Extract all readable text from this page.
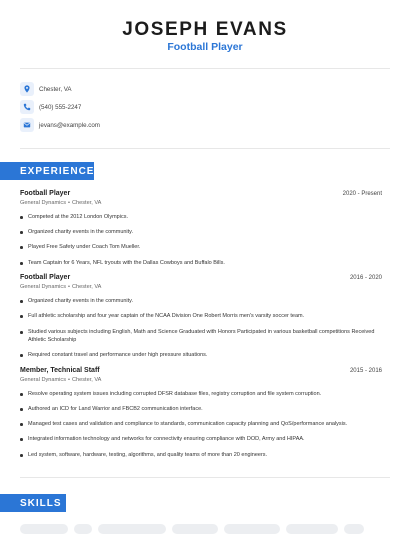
JOSEPH EVANS
Football Player
Chester, VA
(540) 555-2247
jevans@example.com
EXPERIENCE
Football Player	2020 - Present
General Dynamics • Chester, VA
Competed at the 2012 London Olympics.
Organized charity events in the community.
Played Free Safety under Coach Tom Mueller.
Team Captain for 6 Years, NFL tryouts with the Dallas Cowboys and Buffalo Bills.
Football Player	2016 - 2020
General Dynamics • Chester, VA
Organized charity events in the community.
Full athletic scholarship and four year captain of the NCAA Division One Robert Morris men's varsity soccer team.
Studied various subjects including English, Math and Science Graduated with Honors Participated in various basketball competitions Received Athletic Scholarship
Required constant travel and performance under high pressure situations.
Member, Technical Staff	2015 - 2016
General Dynamics • Chester, VA
Resolve operating system issues including corrupted DFSR database files, registry corruption and file system corruption.
Authored an ICD for Land Warrior and FBCB2 communication interface.
Managed test cases and validation and compliance to standards, communication capacity planning and QoS/performance analysis.
Integrated information technology and networks for connectivity ensuring compliance with DOD, Army and HIPAA.
Led system, software, hardware, testing, algorithms, and quality teams of more than 20 engineers.
SKILLS
